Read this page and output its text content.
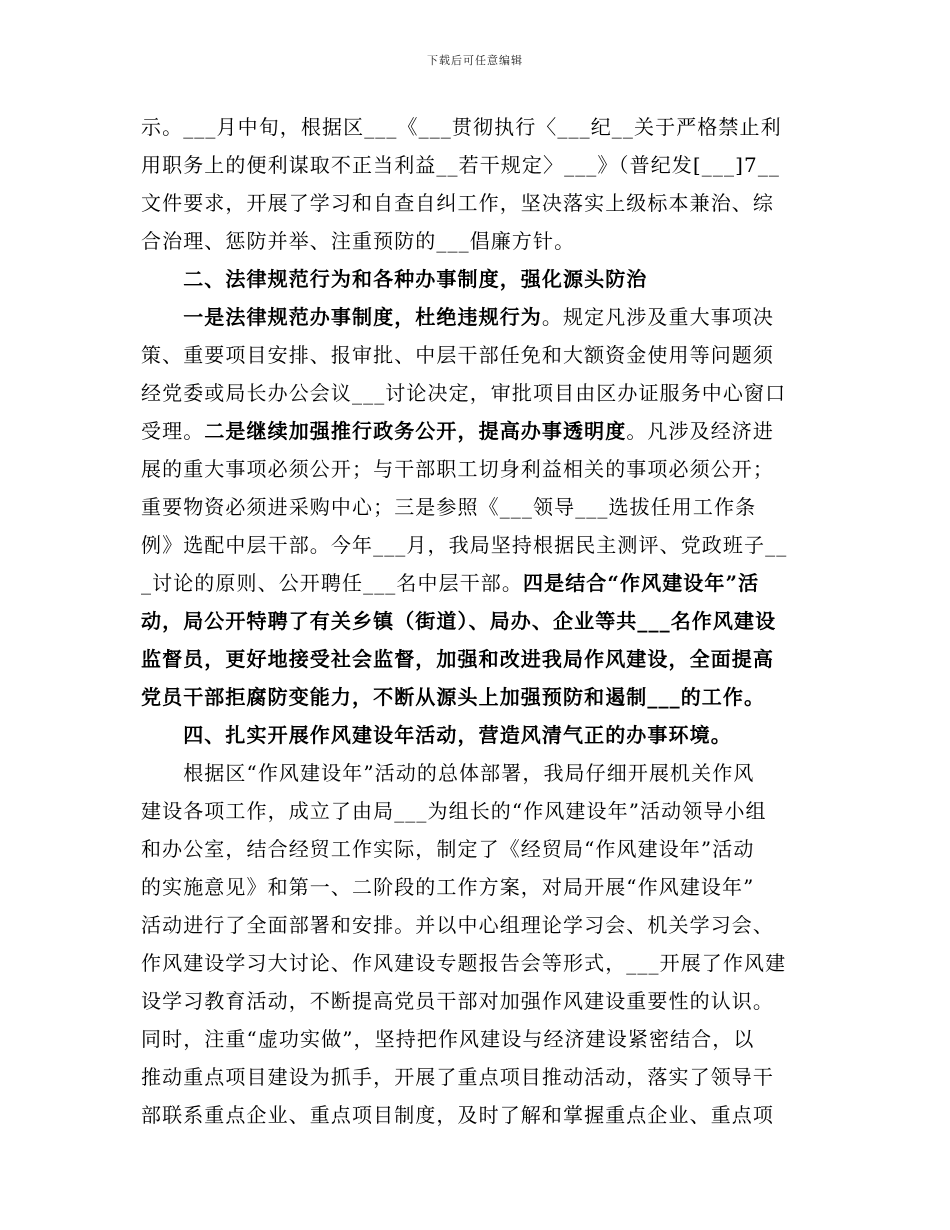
下载后可任意编辑
示。___月中旬，根据区___《___贯彻执行〈___纪__关于严格禁止利
用职务上的便利谋取不正当利益__若干规定〉___》（普纪发[___]7__
文件要求，开展了学习和自查自纠工作，坚决落实上级标本兼治、综
合治理、惩防并举、注重预防的___倡廉方针。
　　二、法律规范行为和各种办事制度，强化源头防治
　　一是法律规范办事制度，杜绝违规行为。规定凡涉及重大事项决
策、重要项目安排、报审批、中层干部任免和大额资金使用等问题须
经党委或局长办公会议___讨论决定，审批项目由区办证服务中心窗口
受理。二是继续加强推行政务公开，提高办事透明度。凡涉及经济进
展的重大事项必须公开；与干部职工切身利益相关的事项必须公开；
重要物资必须进采购中心；三是参照《___领导___选拔任用工作条
例》选配中层干部。今年___月，我局坚持根据民主测评、党政班子__
_讨论的原则、公开聘任___名中层干部。四是结合“作风建设年”活
动，局公开特聘了有关乡镇（街道）、局办、企业等共___名作风建设
监督员，更好地接受社会监督，加强和改进我局作风建设，全面提高
党员干部拒腐防变能力，不断从源头上加强预防和遏制___的工作。
　　四、扎实开展作风建设年活动，营造风清气正的办事环境。
　　根据区“作风建设年”活动的总体部署，我局仔细开展机关作风
建设各项工作，成立了由局___为组长的“作风建设年”活动领导小组
和办公室，结合经贸工作实际，制定了《经贸局“作风建设年”活动
的实施意见》和第一、二阶段的工作方案，对局开展“作风建设年”
活动进行了全面部署和安排。并以中心组理论学习会、机关学习会、
作风建设学习大讨论、作风建设专题报告会等形式，___开展了作风建
设学习教育活动，不断提高党员干部对加强作风建设重要性的认识。
同时，注重“虚功实做”，坚持把作风建设与经济建设紧密结合，以
推动重点项目建设为抓手，开展了重点项目推动活动，落实了领导干
部联系重点企业、重点项目制度，及时了解和掌握重点企业、重点项
